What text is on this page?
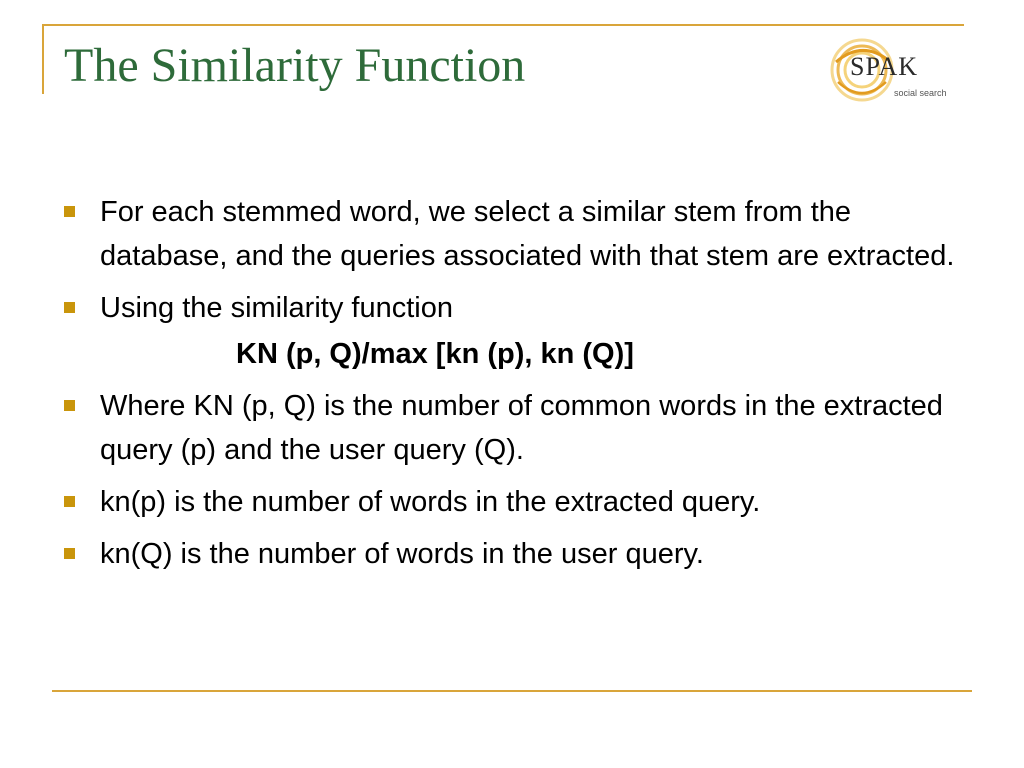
The Similarity Function	SPAK
social search
For each stemmed word, we select a similar stem from the database, and the queries associated with that stem are extracted.
Using the similarity function
KN (p, Q)/max [kn (p), kn (Q)]
Where KN (p, Q) is the number of common words in the extracted query (p) and the user query (Q).
kn(p) is the number of words in the extracted query.
kn(Q) is the number of words in the user query.
